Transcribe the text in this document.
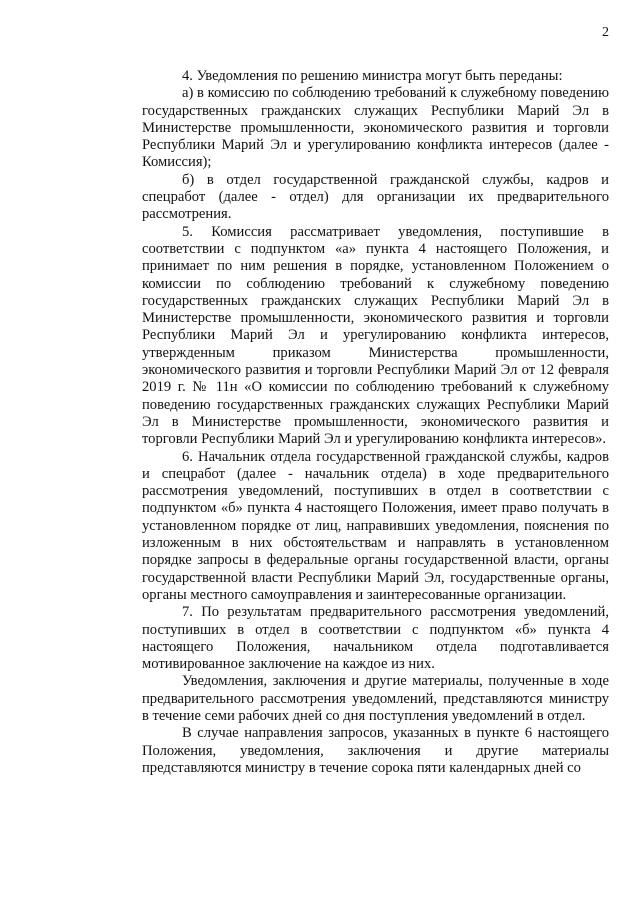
2

4. Уведомления по решению министра могут быть переданы:

а) в комиссию по соблюдению требований к служебному поведению государственных гражданских служащих Республики Марий Эл в Министерстве промышленности, экономического развития и торговли Республики Марий Эл и урегулированию конфликта интересов (далее - Комиссия);

б) в отдел государственной гражданской службы, кадров и спецработ (далее - отдел) для организации их предварительного рассмотрения.

5. Комиссия рассматривает уведомления, поступившие в соответствии с подпунктом «а» пункта 4 настоящего Положения, и принимает по ним решения в порядке, установленном Положением о комиссии по соблюдению требований к служебному поведению государственных гражданских служащих Республики Марий Эл в Министерстве промышленности, экономического развития и торговли Республики Марий Эл и урегулированию конфликта интересов, утвержденным приказом Министерства промышленности, экономического развития и торговли Республики Марий Эл от 12 февраля 2019 г. № 11н «О комиссии по соблюдению требований к служебному поведению государственных гражданских служащих Республики Марий Эл в Министерстве промышленности, экономического развития и торговли Республики Марий Эл и урегулированию конфликта интересов».

6. Начальник отдела государственной гражданской службы, кадров и спецработ (далее - начальник отдела) в ходе предварительного рассмотрения уведомлений, поступивших в отдел в соответствии с подпунктом «б» пункта 4 настоящего Положения, имеет право получать в установленном порядке от лиц, направивших уведомления, пояснения по изложенным в них обстоятельствам и направлять в установленном порядке запросы в федеральные органы государственной власти, органы государственной власти Республики Марий Эл, государственные органы, органы местного самоуправления и заинтересованные организации.

7. По результатам предварительного рассмотрения уведомлений, поступивших в отдел в соответствии с подпунктом «б» пункта 4 настоящего Положения, начальником отдела подготавливается мотивированное заключение на каждое из них.

Уведомления, заключения и другие материалы, полученные в ходе предварительного рассмотрения уведомлений, представляются министру в течение семи рабочих дней со дня поступления уведомлений в отдел.

В случае направления запросов, указанных в пункте 6 настоящего Положения, уведомления, заключения и другие материалы представляются министру в течение сорока пяти календарных дней со
